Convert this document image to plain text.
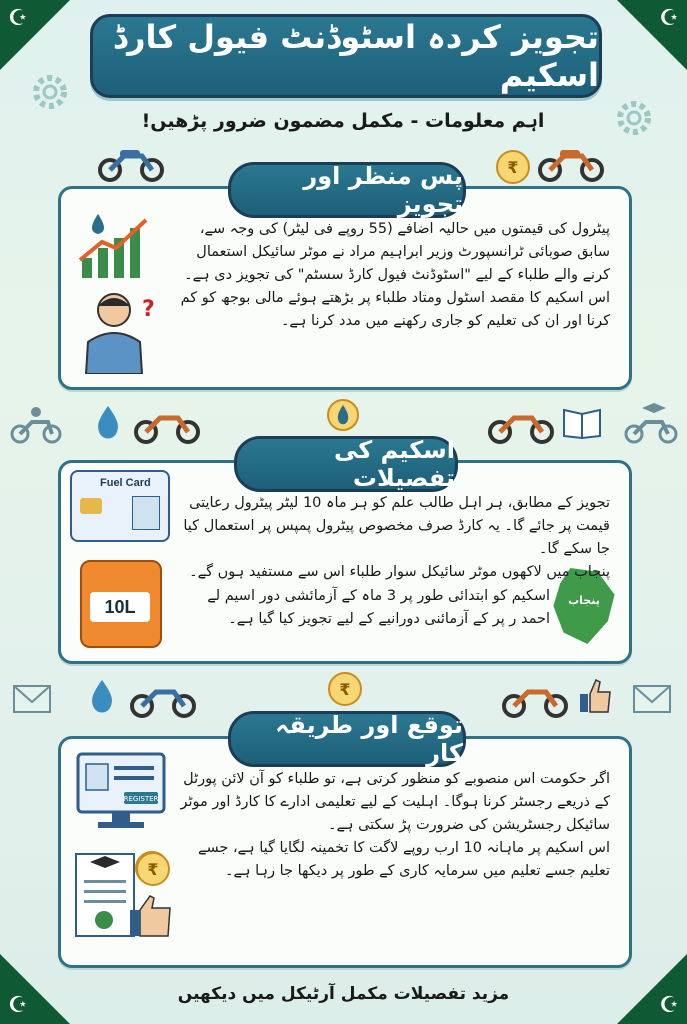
☪	☪
☪	☪
تجویز کردہ اسٹوڈنٹ فیول کارڈ اسکیم
اہم معلومات - مکمل مضمون ضرور پڑھیں!
₹
پس منظر اور تجویز
?

پیٹرول کی قیمتوں میں حالیہ اضافے (55 روپے فی لیٹر) کی وجہ سے، سابق صوبائی ٹرانسپورٹ وزیر ابراہیم مراد نے موٹر سائیکل استعمال کرنے والے طلباء کے لیے "اسٹوڈنٹ فیول کارڈ سسٹم" کی تجویز دی ہے۔

اس اسکیم کا مقصد اسٹول ومتاد طلباء پر بڑھتے ہوئے مالی بوجھ کو کم کرنا اور ان کی تعلیم کو جاری رکھنے میں مدد کرنا ہے۔

اسکیم کی تفصیلات
Fuel Card
10L	پنجاب

تجویز کے مطابق، ہر اہل طالب علم کو ہر ماہ 10 لیٹر پیٹرول رعایتی قیمت پر جائے گا۔ یہ کارڈ صرف مخصوص پیٹرول پمپس پر استعمال کیا جا سکے گا۔

پنجاب میں لاکھوں موٹر سائیکل سوار طلباء اس سے مستفید ہوں گے۔

اسکیم کو ابتدائی طور پر 3 ماہ کے آزمائشی دور اسیم لے احمد ر پر کے آزمائنی دورانیے کے لیے تجویز کیا گیا ہے۔

₹
توقع اور طریقہ کار
REGISTER
₹

اگر حکومت اس منصوبے کو منظور کرتی ہے، تو طلباء کو آن لائن پورٹل کے ذریعے رجسٹر کرنا ہوگا۔ اہلیت کے لیے تعلیمی ادارے کا کارڈ اور موٹر سائیکل رجسٹریشن کی ضرورت پڑ سکتی ہے۔

اس اسکیم پر ماہانہ 10 ارب روپے لاگت کا تخمینہ لگایا گیا ہے، جسے تعلیم جسے تعلیم میں سرمایہ کاری کے طور پر دیکھا جا رہا ہے۔

مزید تفصیلات مکمل آرٹیکل میں دیکھیں
